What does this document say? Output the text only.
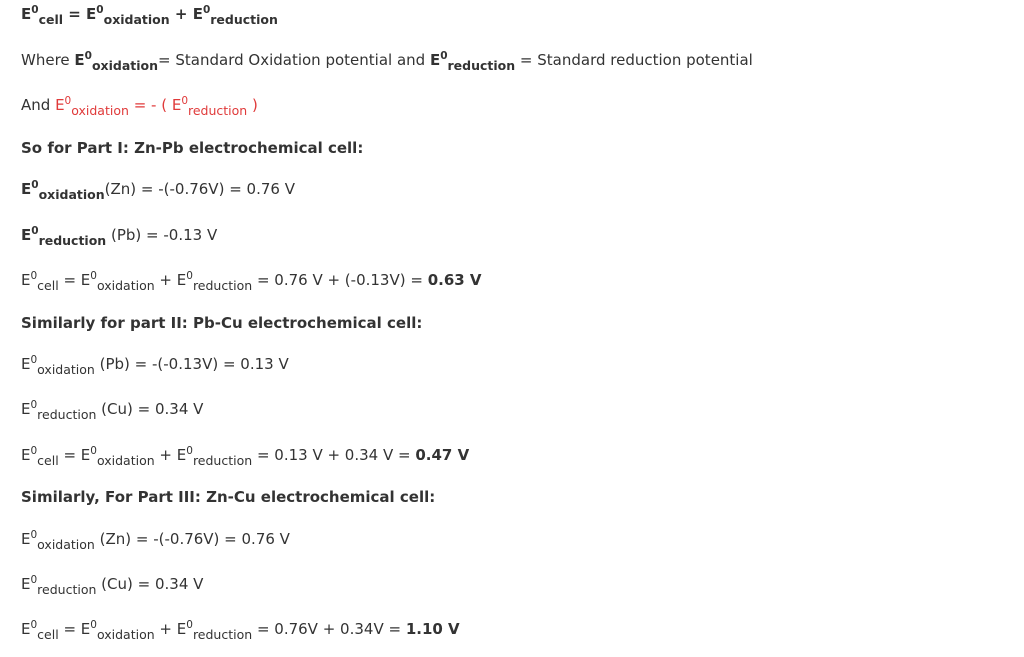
$E^0_{cell} = E^0_{oxidation} + E^0_{reduction}$
Where $E^0_{oxidation}=$ Standard Oxidation potential and $E^0_{reduction}$ = Standard reduction potential
And $E^0_{oxidation}$ = - ( $E^0_{reduction}$ )
So for Part I: Zn-Pb electrochemical cell:
$E^0_{oxidation}(Zn) = -(-0.76V) = 0.76$ V
$E^0_{reduction}$ (Pb) = -0.13 V
$E^0_{cell} = E^0_{oxidation} + E^0_{reduction} = 0.76$ V + (-0.13V) = 0.63 V
Similarly for part II: Pb-Cu electrochemical cell:
$E^0_{oxidation}$ (Pb) = -(-0.13V) = 0.13 V
$E^0_{reduction}$ (Cu) = 0.34 V
$E^0_{cell} = E^0_{oxidation} + E^0_{reduction} = 0.13$ V + 0.34 V = 0.47 V
Similarly, For Part III: Zn-Cu electrochemical cell:
$E^0_{oxidation}$ (Zn) = -(-0.76V) = 0.76 V
$E^0_{reduction}$ (Cu) = 0.34 V
$E^0_{cell} = E^0_{oxidation} + E^0_{reduction} = 0.76V + 0.34V = 1.10$ V
